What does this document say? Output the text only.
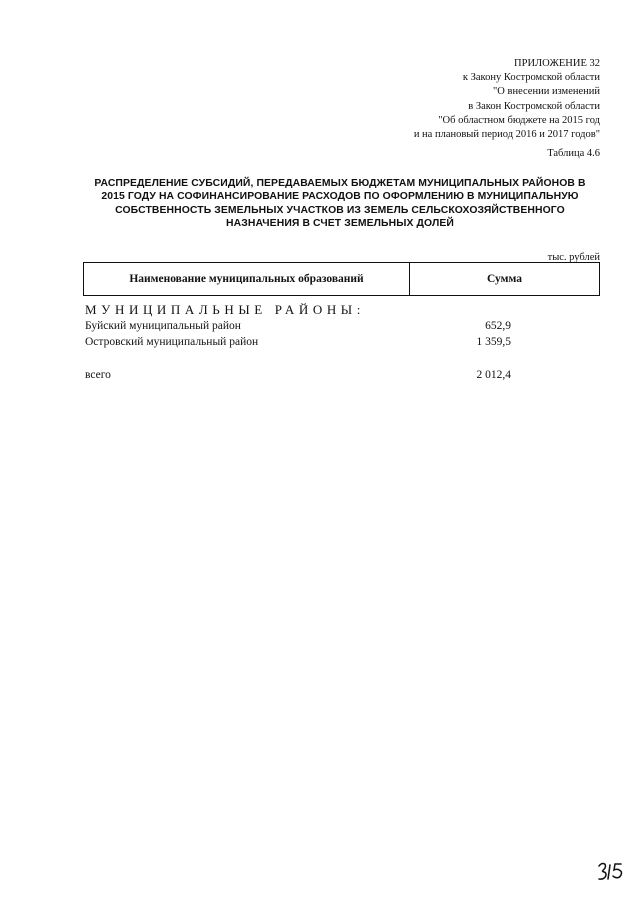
ПРИЛОЖЕНИЕ 32
к Закону Костромской области
"О внесении изменений
в Закон Костромской области
"Об областном бюджете на 2015 год
и на плановый период 2016 и 2017 годов"
Таблица 4.6
РАСПРЕДЕЛЕНИЕ СУБСИДИЙ, ПЕРЕДАВАЕМЫХ БЮДЖЕТАМ МУНИЦИПАЛЬНЫХ РАЙОНОВ В
2015 ГОДУ НА СОФИНАНСИРОВАНИЕ РАСХОДОВ ПО ОФОРМЛЕНИЮ В МУНИЦИПАЛЬНУЮ
СОБСТВЕННОСТЬ ЗЕМЕЛЬНЫХ УЧАСТКОВ ИЗ ЗЕМЕЛЬ СЕЛЬСКОХОЗЯЙСТВЕННОГО
НАЗНАЧЕНИЯ В СЧЕТ ЗЕМЕЛЬНЫХ ДОЛЕЙ
тыс. рублей
Наименование муниципальных образований	Сумма
МУНИЦИПАЛЬНЫЕ РАЙОНЫ:
Буйский муниципальный район	652,9
Островский муниципальный район	1 359,5
всего	2 012,4
